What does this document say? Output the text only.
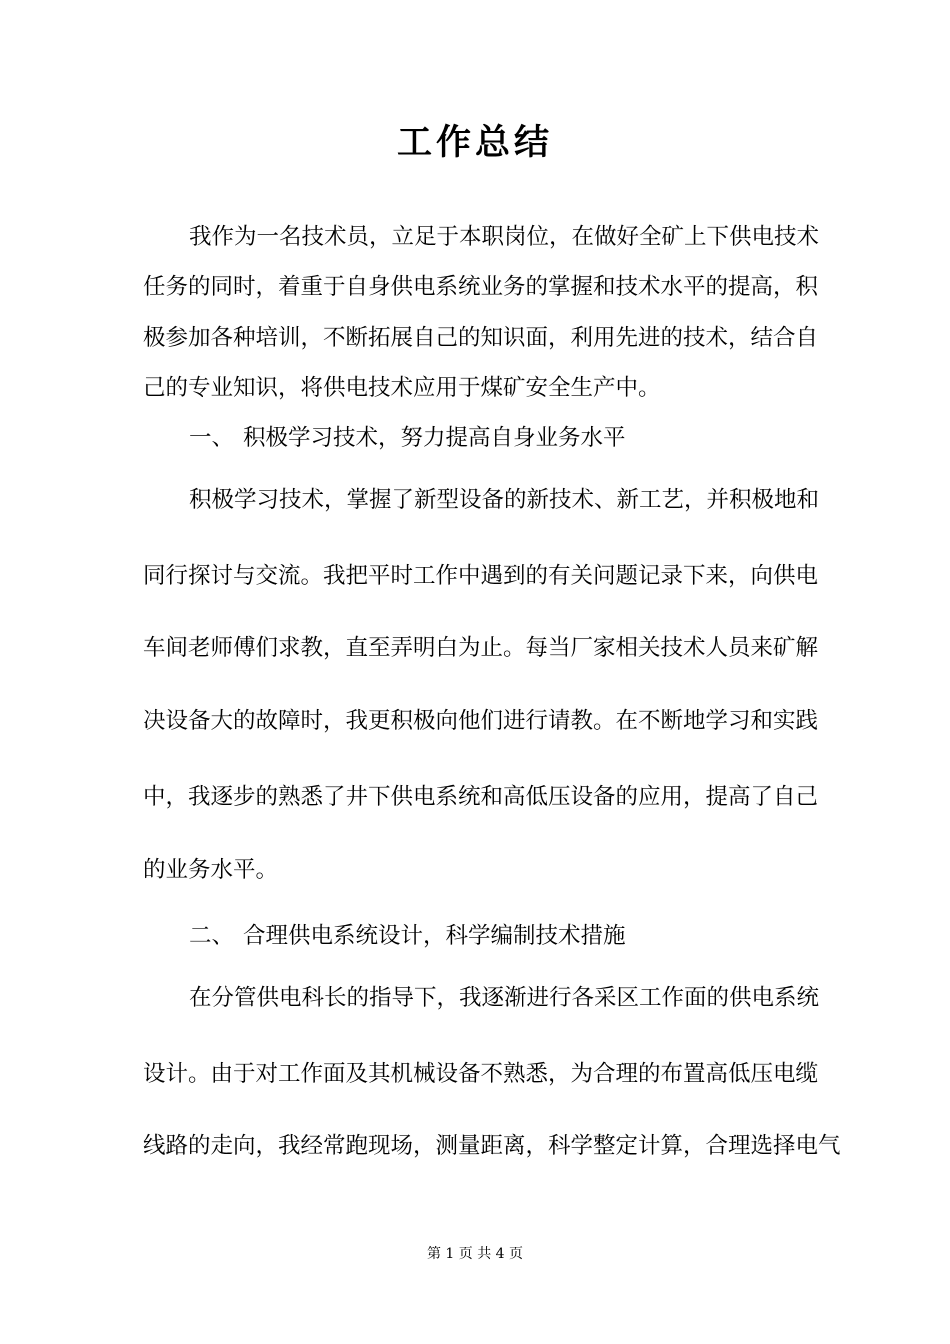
工作总结

我作为一名技术员，立足于本职岗位，在做好全矿上下供电技术

任务的同时，着重于自身供电系统业务的掌握和技术水平的提高，积

极参加各种培训，不断拓展自己的知识面，利用先进的技术，结合自

己的专业知识，将供电技术应用于煤矿安全生产中。

一、 积极学习技术，努力提高自身业务水平

积极学习技术，掌握了新型设备的新技术、新工艺，并积极地和

同行探讨与交流。我把平时工作中遇到的有关问题记录下来，向供电

车间老师傅们求教，直至弄明白为止。每当厂家相关技术人员来矿解

决设备大的故障时，我更积极向他们进行请教。在不断地学习和实践

中，我逐步的熟悉了井下供电系统和高低压设备的应用，提高了自己

的业务水平。

二、 合理供电系统设计，科学编制技术措施

在分管供电科长的指导下，我逐渐进行各采区工作面的供电系统

设计。由于对工作面及其机械设备不熟悉，为合理的布置高低压电缆

线路的走向，我经常跑现场，测量距离，科学整定计算，合理选择电气

第 1 页 共 4 页
